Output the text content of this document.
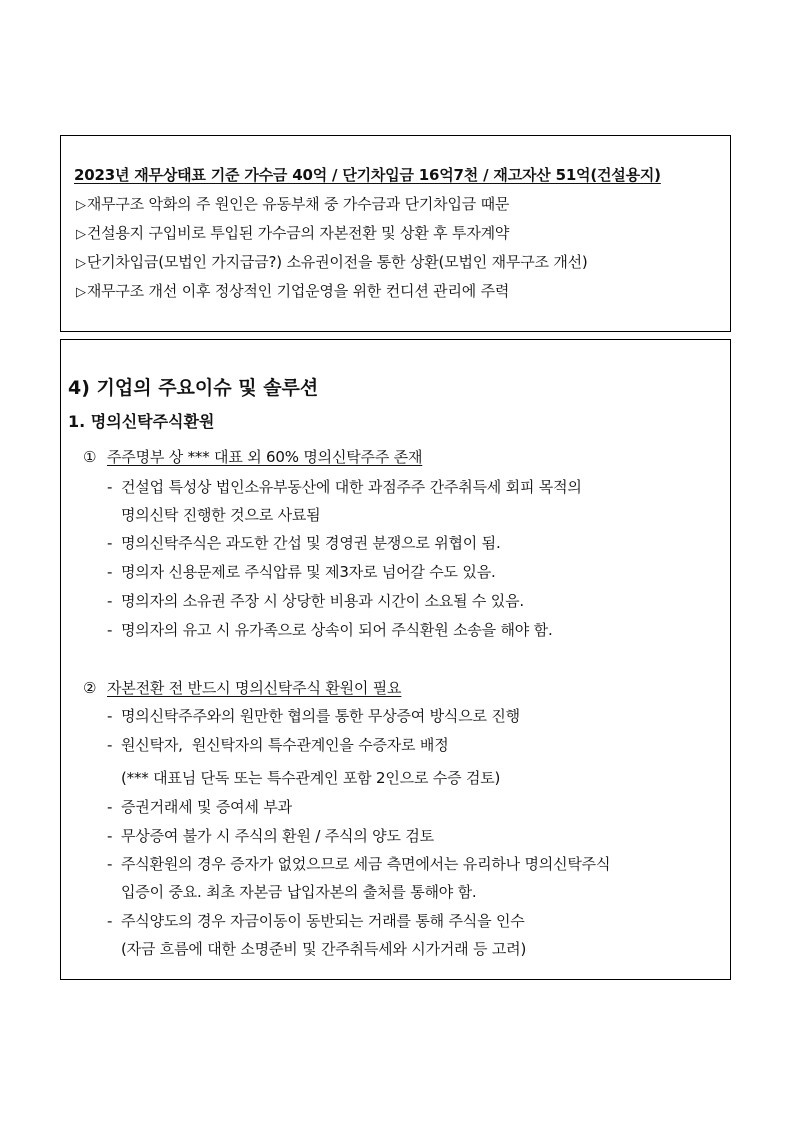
2023년 재무상태표 기준 가수금 40억 / 단기차입금 16억7천 / 재고자산 51억(건설용지)
▷재무구조 악화의 주 원인은 유동부채 중 가수금과 단기차입금 때문
▷건설용지 구입비로 투입된 가수금의 자본전환 및 상환 후 투자계약
▷단기차입금(모법인 가지급금?) 소유권이전을 통한 상환(모법인 재무구조 개선)
▷재무구조 개선 이후 정상적인 기업운영을 위한 컨디션 관리에 주력
4) 기업의 주요이슈 및 솔루션
1. 명의신탁주식환원
① 주주명부 상 *** 대표 외 60% 명의신탁주주 존재
- 건설업 특성상 법인소유부동산에 대한 과점주주 간주취득세 회피 목적의
명의신탁 진행한 것으로 사료됨
- 명의신탁주식은 과도한 간섭 및 경영권 분쟁으로 위협이 됨.
- 명의자 신용문제로 주식압류 및 제3자로 넘어갈 수도 있음.
- 명의자의 소유권 주장 시 상당한 비용과 시간이 소요될 수 있음.
- 명의자의 유고 시 유가족으로 상속이 되어 주식환원 소송을 해야 함.
② 자본전환 전 반드시 명의신탁주식 환원이 필요
- 명의신탁주주와의 원만한 협의를 통한 무상증여 방식으로 진행
- 원신탁자,  원신탁자의 특수관계인을 수증자로 배정
(*** 대표님 단독 또는 특수관계인 포함 2인으로 수증 검토)
- 증권거래세 및 증여세 부과
- 무상증여 불가 시 주식의 환원 / 주식의 양도 검토
- 주식환원의 경우 증자가 없었으므로 세금 측면에서는 유리하나 명의신탁주식
입증이 중요. 최초 자본금 납입자본의 출처를 통해야 함.
- 주식양도의 경우 자금이동이 동반되는 거래를 통해 주식을 인수
(자금 흐름에 대한 소명준비 및 간주취득세와 시가거래 등 고려)
